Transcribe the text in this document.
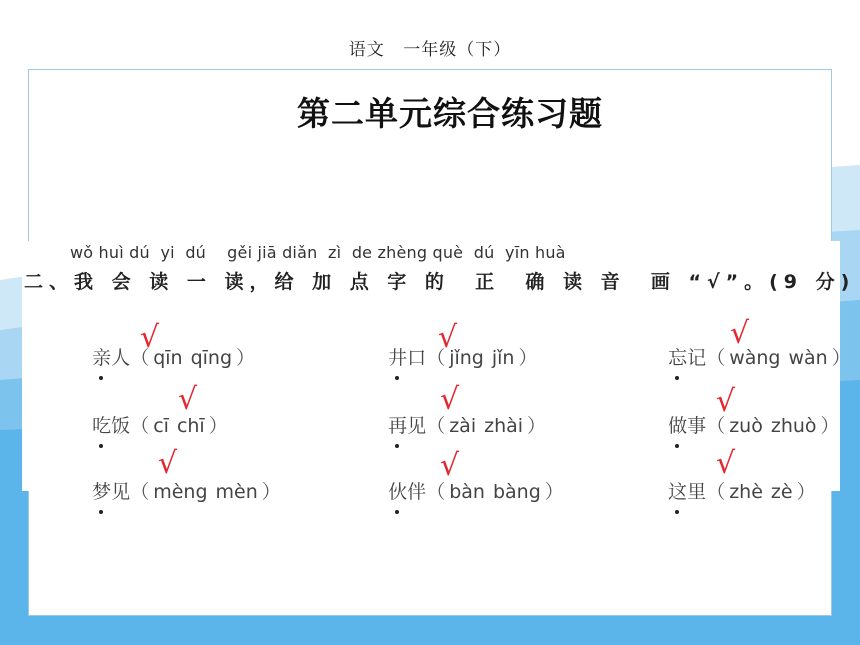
语文 一年级（下）
第二单元综合练习题
wǒ huì dú  yi  dú    gěi jiā diǎn  zì  de zhèng què  dú  yīn huà
二、我 会 读 一 读，给 加 点 字 的  正  确 读 音  画 “√”。(9 分)

亲人
（ qīn qīng ）

√

井口
（ jǐng jǐn ）

√

忘记
（ wàng wàn ）

√

吃饭
（ cī chī ）

√

再见
（ zài zhài ）

√

做事
（ zuò zhuò ）

√

梦见
（ mèng mèn ）

√

伙伴
（ bàn bàng ）

√

这里
（ zhè zè ）

√
